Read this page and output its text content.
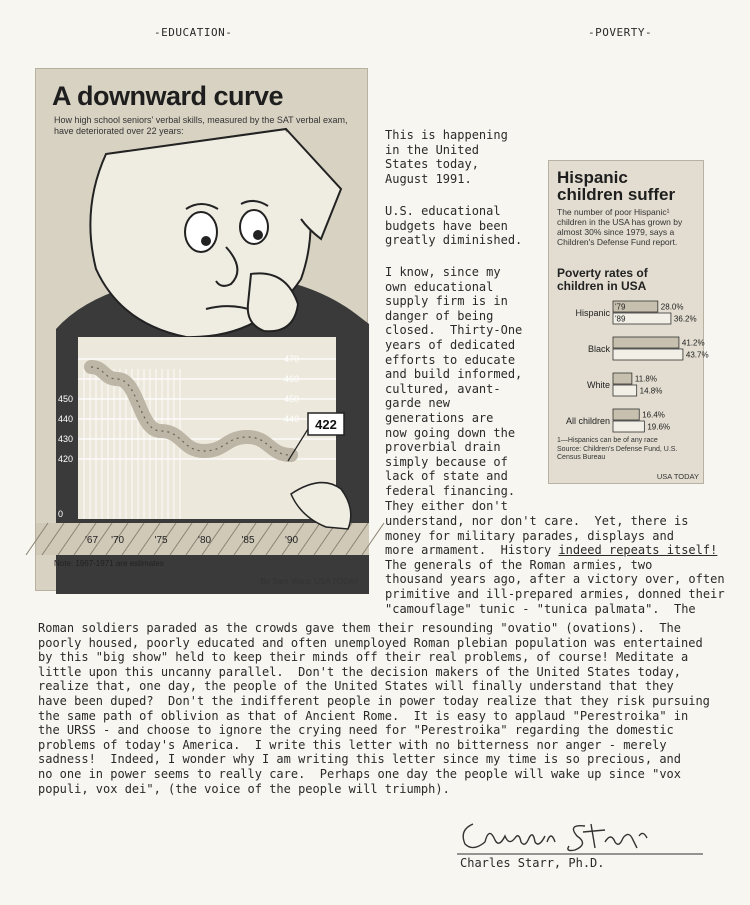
-EDUCATION-	-POVERTY-
450
440
430
420
0
470
460
450
440
'67 '70	'75	'80	'85	'90
422
A downward curve
How high school seniors' verbal skills, measured by the SAT verbal exam, have deteriorated over 22 years:
Note: 1967-1971 are estimates
By Sam Ward, USA TODAY
Hispanic
children suffer
The number of poor Hispanic¹ children in the USA has grown by almost 30% since 1979, says a Children's Defense Fund report.
Poverty rates of
children in USA
Hispanic
28.0%
'79
36.2%
'89
Black
41.2%
43.7%
White
11.8%
14.8%
All children
16.4%
19.6%
1—Hispanics can be of any race
Source: Children's Defense Fund, U.S. Census Bureau
USA TODAY
This is happening
in the United
States today,
August 1991.
U.S. educational
budgets have been
greatly diminished.
I know, since my
own educational
supply firm is in
danger of being
closed.  Thirty-One
years of dedicated
efforts to educate
and build informed,
cultured, avant-
garde new
generations are
now going down the
proverbial drain
simply because of
lack of state and
federal financing.
They either don't
understand, nor don't care.  Yet, there is
money for military parades, displays and
more armament.  History indeed repeats itself!
The generals of the Roman armies, two
thousand years ago, after a victory over, often
primitive and ill-prepared armies, donned their
"camouflage" tunic - "tunica palmata".  The
Roman soldiers paraded as the crowds gave them their resounding "ovatio" (ovations).  The
poorly housed, poorly educated and often unemployed Roman plebian population was entertained
by this "big show" held to keep their minds off their real problems, of course! Meditate a
little upon this uncanny parallel.  Don't the decision makers of the United States today,
realize that, one day, the people of the United States will finally understand that they
have been duped?  Don't the indifferent people in power today realize that they risk pursuing
the same path of oblivion as that of Ancient Rome.  It is easy to applaud "Perestroika" in
the URSS - and choose to ignore the crying need for "Perestroika" regarding the domestic
problems of today's America.  I write this letter with no bitterness nor anger - merely
sadness!  Indeed, I wonder why I am writing this letter since my time is so precious, and
no one in power seems to really care.  Perhaps one day the people will wake up since "vox
populi, vox dei", (the voice of the people will triumph).
Charles Starr, Ph.D.
